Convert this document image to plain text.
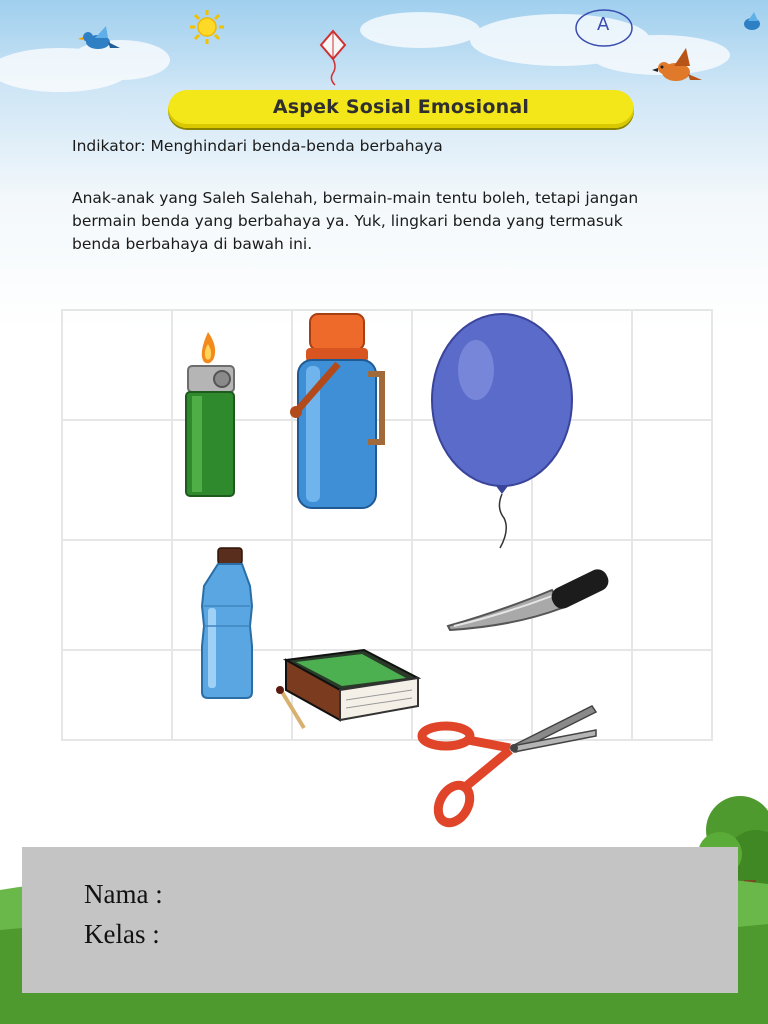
A
Aspek Sosial Emosional
Indikator: Menghindari benda-benda berbahaya
Anak-anak yang Saleh Salehah, bermain-main tentu boleh, tetapi jangan
bermain benda yang berbahaya ya. Yuk, lingkari benda yang termasuk
benda berbahaya di bawah ini.
Nama :
Kelas :
